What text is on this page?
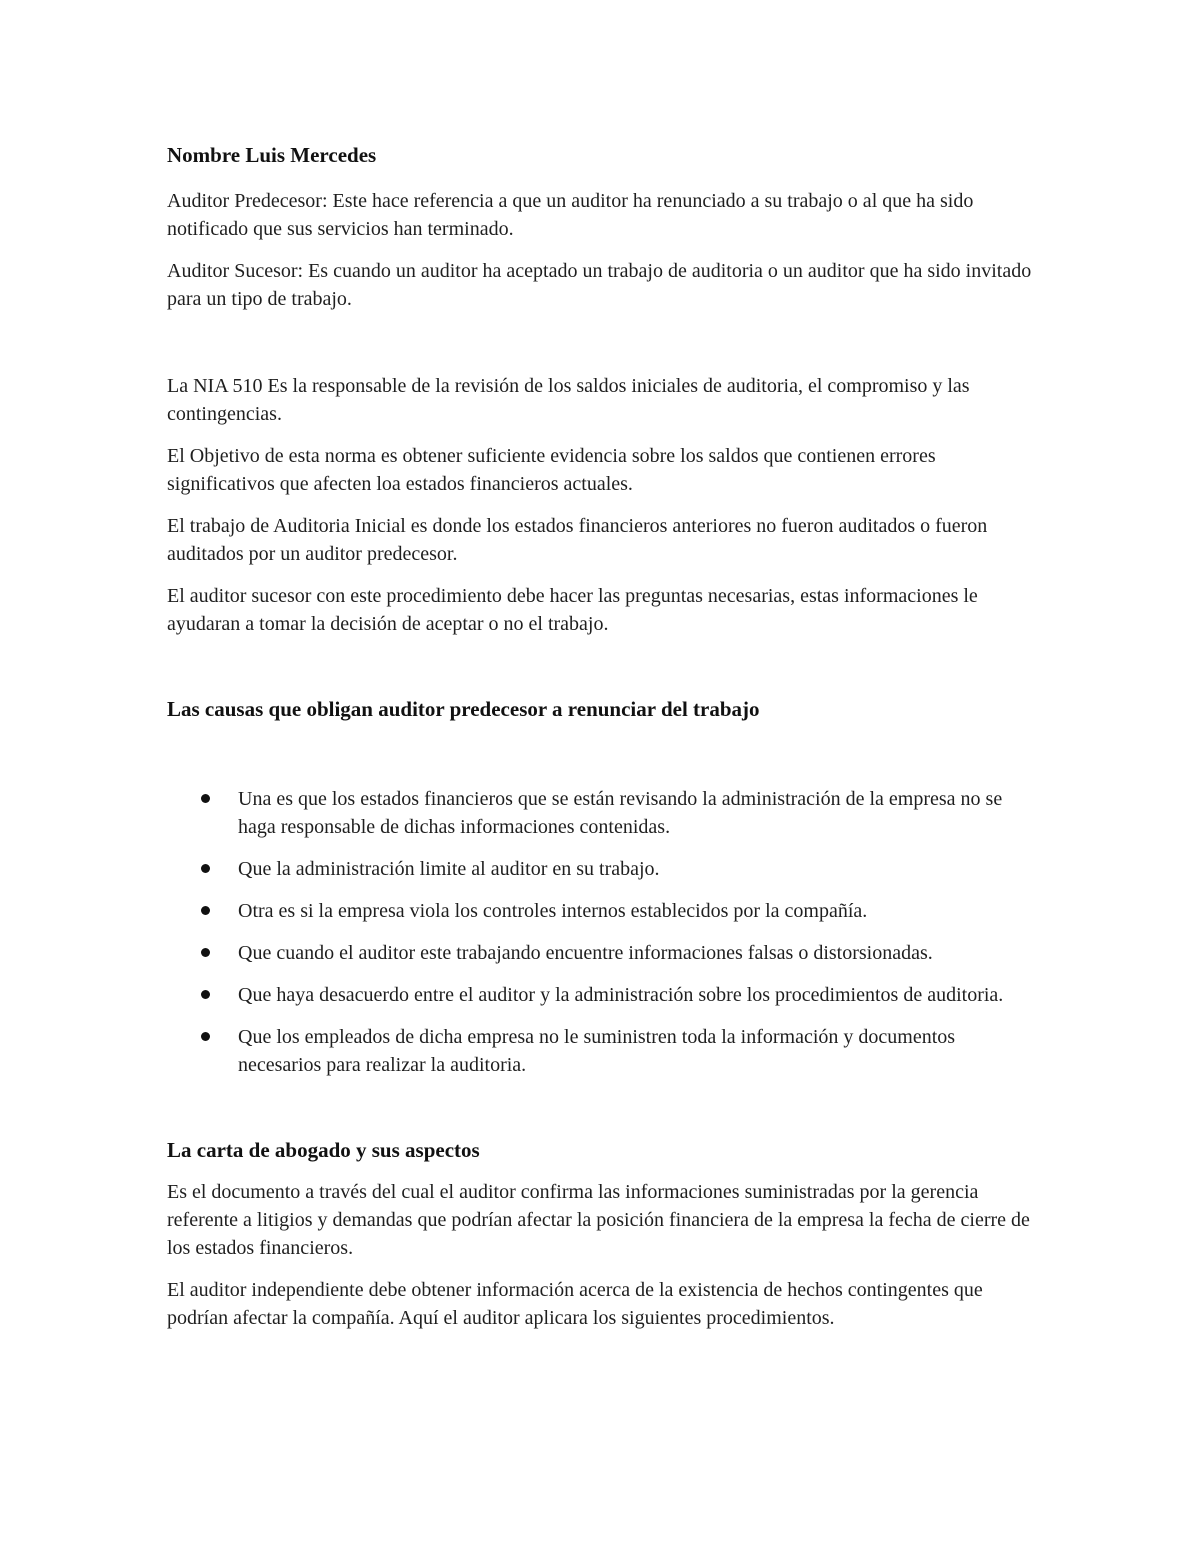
Nombre Luis Mercedes

Auditor Predecesor: Este hace referencia a que un auditor ha renunciado a su trabajo o al que ha sido notificado que sus servicios han terminado.

Auditor Sucesor: Es cuando un auditor ha aceptado un trabajo de auditoria o un auditor que ha sido invitado para un tipo de trabajo.

La NIA 510 Es la responsable de la revisión de los saldos iniciales de auditoria, el compromiso y las contingencias.

El Objetivo de esta norma es obtener suficiente evidencia sobre los saldos que contienen errores significativos que afecten loa estados financieros actuales.

El trabajo de Auditoria Inicial es donde los estados financieros anteriores no fueron auditados o fueron auditados por un auditor predecesor.

El auditor sucesor con este procedimiento debe hacer las preguntas necesarias, estas informaciones le ayudaran a tomar la decisión de aceptar o no el trabajo.

Las causas que obligan auditor predecesor a renunciar del trabajo
Una es que los estados financieros que se están revisando la administración de la empresa no se haga responsable de dichas informaciones contenidas.
Que la administración limite al auditor en su trabajo.
Otra es si la empresa viola los controles internos establecidos por la compañía.
Que cuando el auditor este trabajando encuentre informaciones falsas o distorsionadas.
Que haya desacuerdo entre el auditor y la administración sobre los procedimientos de auditoria.
Que los empleados de dicha empresa no le suministren toda la información y documentos necesarios para realizar la auditoria.
La carta de abogado y sus aspectos

Es el documento a través del cual el auditor confirma las informaciones suministradas por la gerencia referente a litigios y demandas que podrían afectar la posición financiera de la empresa la fecha de cierre de los estados financieros.

El auditor independiente debe obtener información acerca de la existencia de hechos contingentes que podrían afectar la compañía. Aquí el auditor aplicara los siguientes procedimientos.
